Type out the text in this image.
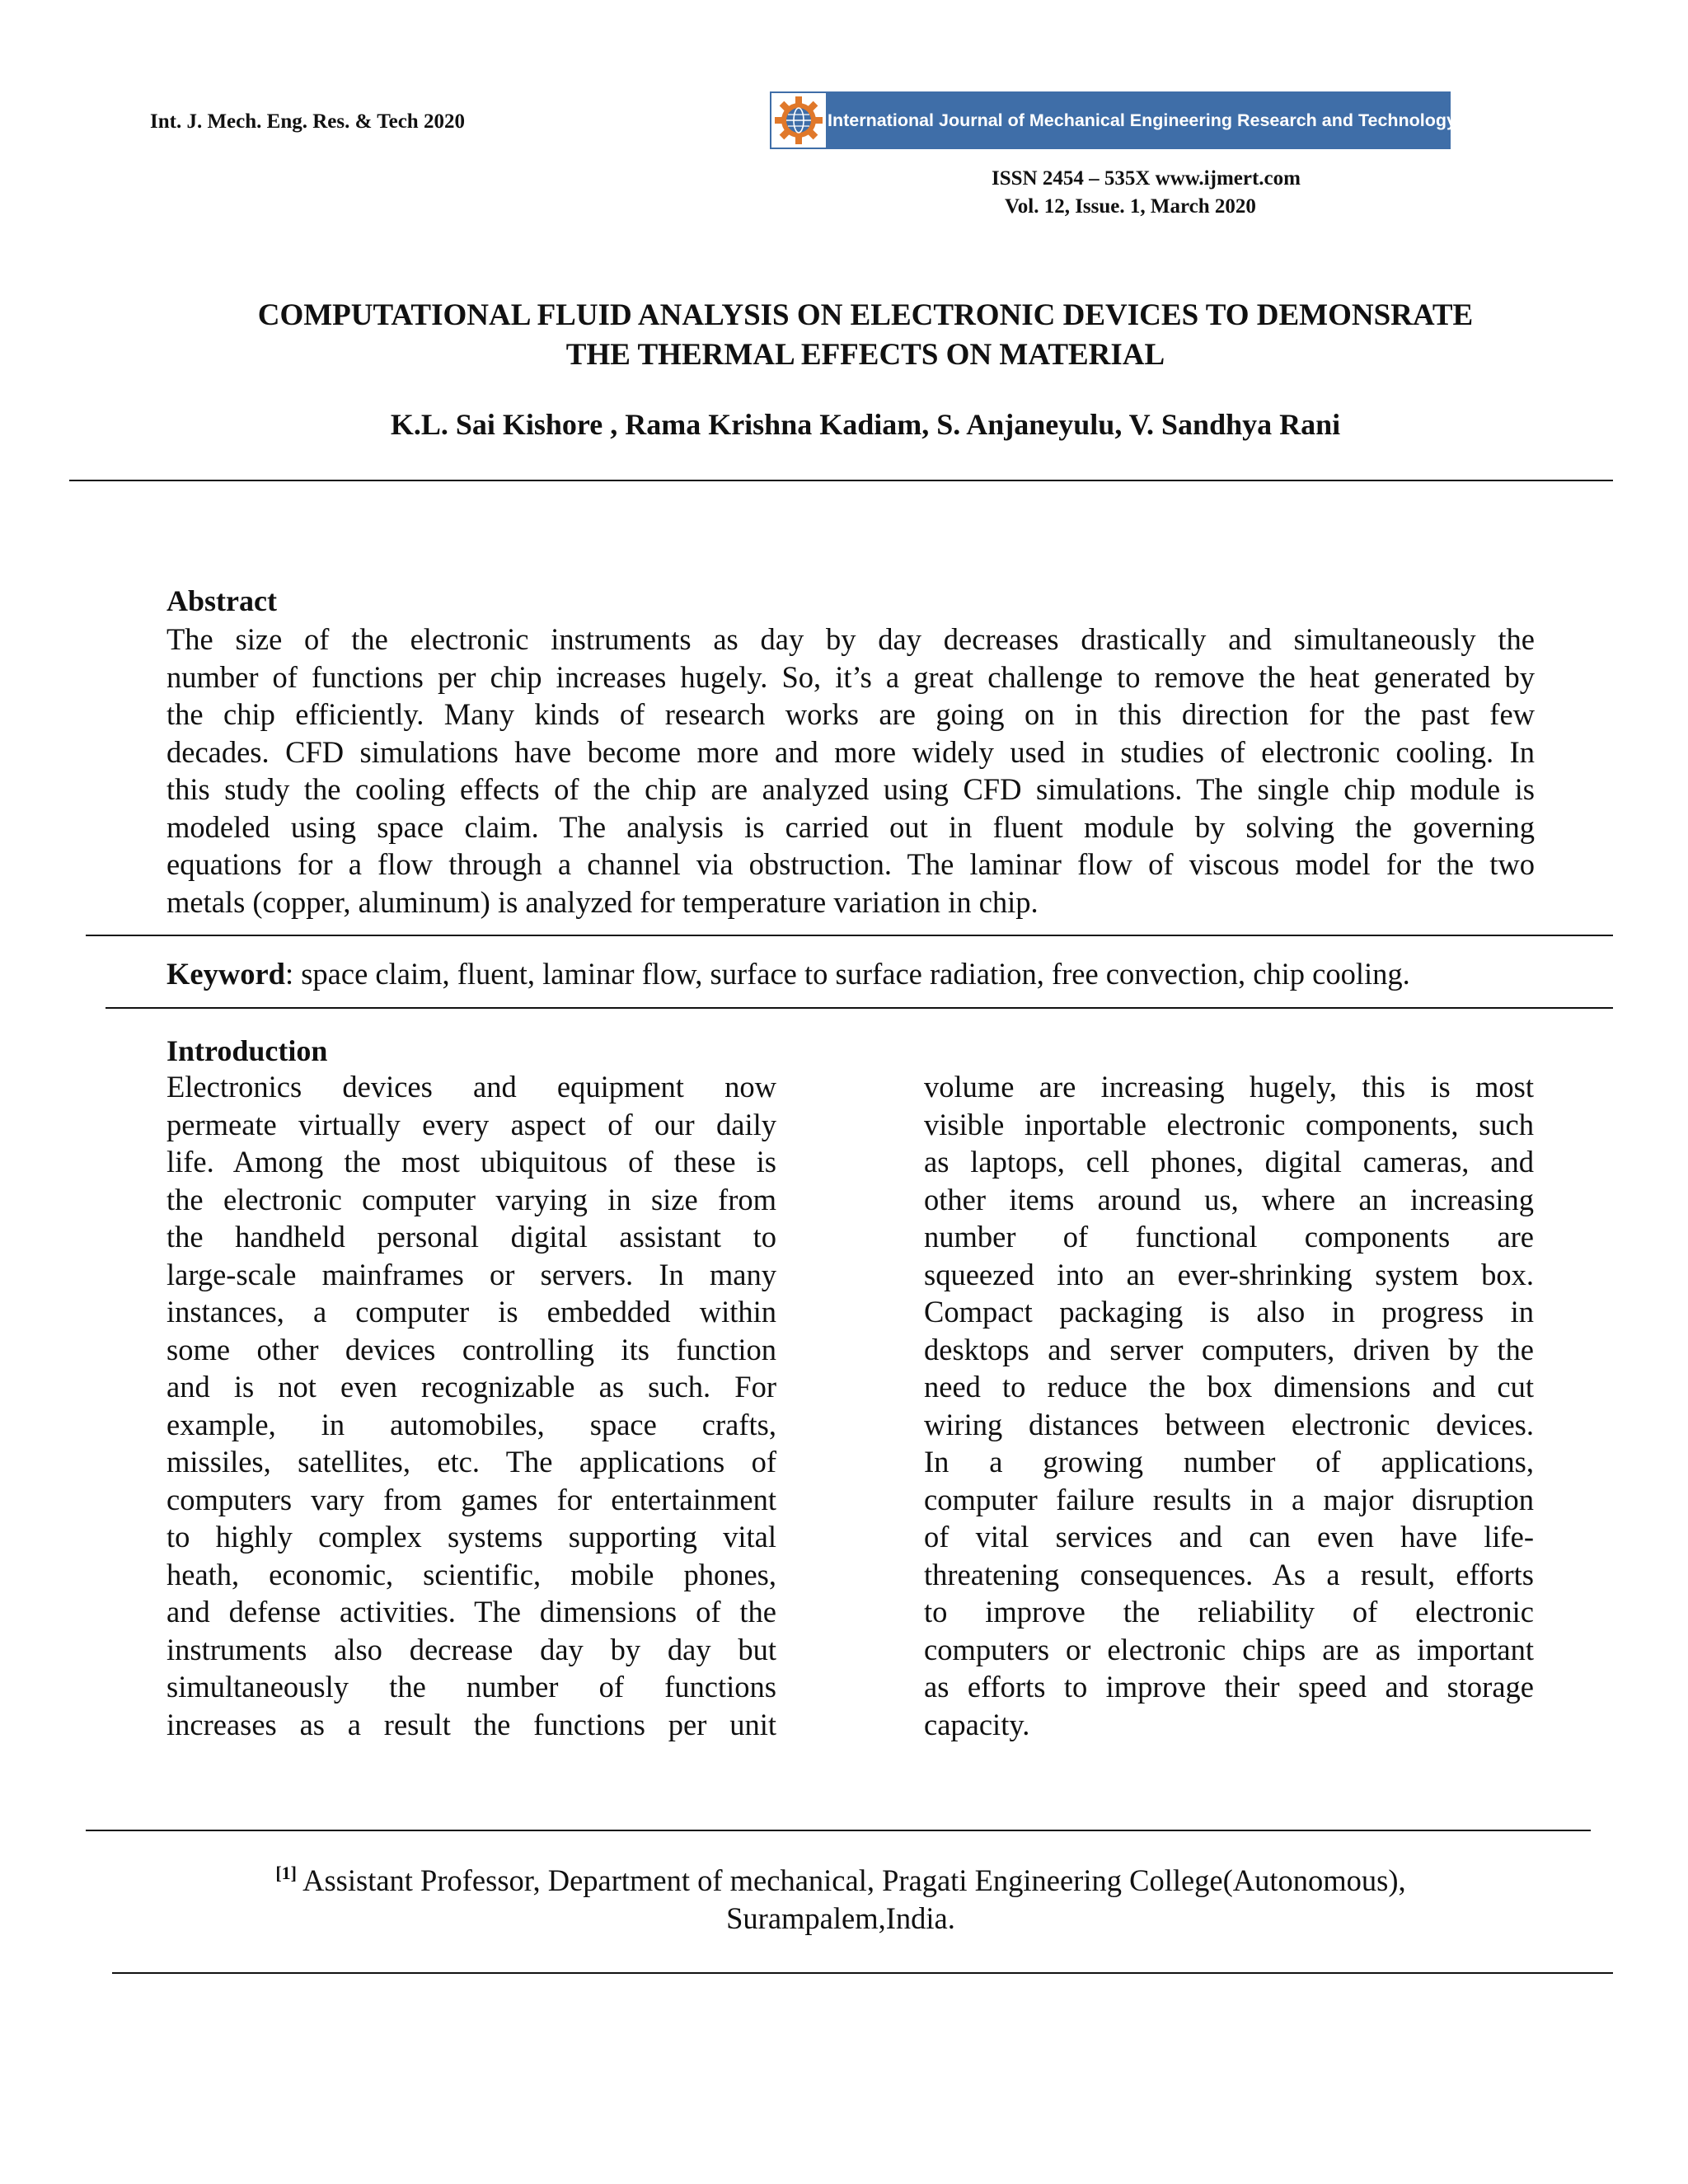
Int. J. Mech. Eng. Res. & Tech 2020	International Journal of Mechanical Engineering Research and Technology
ISSN 2454 – 535X www.ijmert.com
Vol. 12, Issue. 1, March 2020
COMPUTATIONAL FLUID ANALYSIS ON ELECTRONIC DEVICES TO DEMONSRATE
THE THERMAL EFFECTS ON MATERIAL
K.L. Sai Kishore , Rama Krishna Kadiam, S. Anjaneyulu, V. Sandhya Rani
Abstract
The size of the electronic instruments as day by day decreases drastically and simultaneously the
number of functions per chip increases hugely. So, it’s a great challenge to remove the heat generated by
the chip efficiently. Many kinds of research works are going on in this direction for the past few
decades. CFD simulations have become more and more widely used in studies of electronic cooling. In
this study the cooling effects of the chip are analyzed using CFD simulations. The single chip module is
modeled using space claim. The analysis is carried out in fluent module by solving the governing
equations for a flow through a channel via obstruction. The laminar flow of viscous model for the two
metals (copper, aluminum) is analyzed for temperature variation in chip.
Keyword: space claim, fluent, laminar flow, surface to surface radiation, free convection, chip cooling.
Introduction
Electronics devices and equipment now
permeate virtually every aspect of our daily
life. Among the most ubiquitous of these is
the electronic computer varying in size from
the handheld personal digital assistant to
large-scale mainframes or servers. In many
instances, a computer is embedded within
some other devices controlling its function
and is not even recognizable as such. For
example, in automobiles, space crafts,
missiles, satellites, etc. The applications of
computers vary from games for entertainment
to highly complex systems supporting vital
heath, economic, scientific, mobile phones,
and defense activities. The dimensions of the
instruments also decrease day by day but
simultaneously the number of functions
increases as a result the functions per unit
volume are increasing hugely, this is most
visible inportable electronic components, such
as laptops, cell phones, digital cameras, and
other items around us, where an increasing
number of functional components are
squeezed into an ever-shrinking system box.
Compact packaging is also in progress in
desktops and server computers, driven by the
need to reduce the box dimensions and cut
wiring distances between electronic devices.
In a growing number of applications,
computer failure results in a major disruption
of vital services and can even have life-
threatening consequences. As a result, efforts
to improve the reliability of electronic
computers or electronic chips are as important
as efforts to improve their speed and storage
capacity.
[1] Assistant Professor, Department of mechanical, Pragati Engineering College(Autonomous),
Surampalem,India.
